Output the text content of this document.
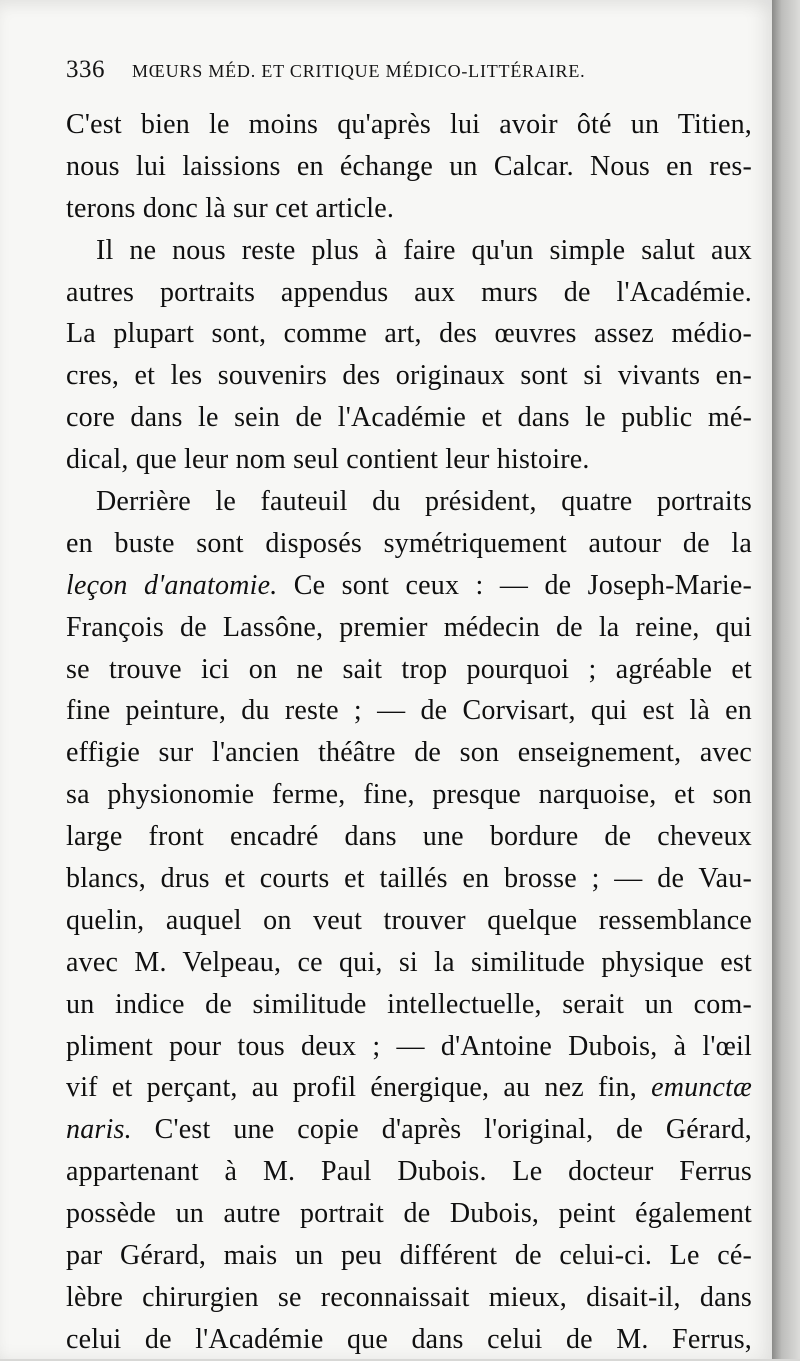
336	MŒURS MÉD. ET CRITIQUE MÉDICO-LITTÉRAIRE.
C'est bien le moins qu'après lui avoir ôté un Titien,
nous lui laissions en échange un Calcar. Nous en res-
terons donc là sur cet article.
Il ne nous reste plus à faire qu'un simple salut aux
autres portraits appendus aux murs de l'Académie.
La plupart sont, comme art, des œuvres assez médio-
cres, et les souvenirs des originaux sont si vivants en-
core dans le sein de l'Académie et dans le public mé-
dical, que leur nom seul contient leur histoire.
Derrière le fauteuil du président, quatre portraits
en buste sont disposés symétriquement autour de la
leçon d'anatomie. Ce sont ceux : — de Joseph-Marie-
François de Lassône, premier médecin de la reine, qui
se trouve ici on ne sait trop pourquoi ; agréable et
fine peinture, du reste ; — de Corvisart, qui est là en
effigie sur l'ancien théâtre de son enseignement, avec
sa physionomie ferme, fine, presque narquoise, et son
large front encadré dans une bordure de cheveux
blancs, drus et courts et taillés en brosse ; — de Vau-
quelin, auquel on veut trouver quelque ressemblance
avec M. Velpeau, ce qui, si la similitude physique est
un indice de similitude intellectuelle, serait un com-
pliment pour tous deux ; — d'Antoine Dubois, à l'œil
vif et perçant, au profil énergique, au nez fin, emunctæ
naris. C'est une copie d'après l'original, de Gérard,
appartenant à M. Paul Dubois. Le docteur Ferrus
possède un autre portrait de Dubois, peint également
par Gérard, mais un peu différent de celui-ci. Le cé-
lèbre chirurgien se reconnaissait mieux, disait-il, dans
celui de l'Académie que dans celui de M. Ferrus,
